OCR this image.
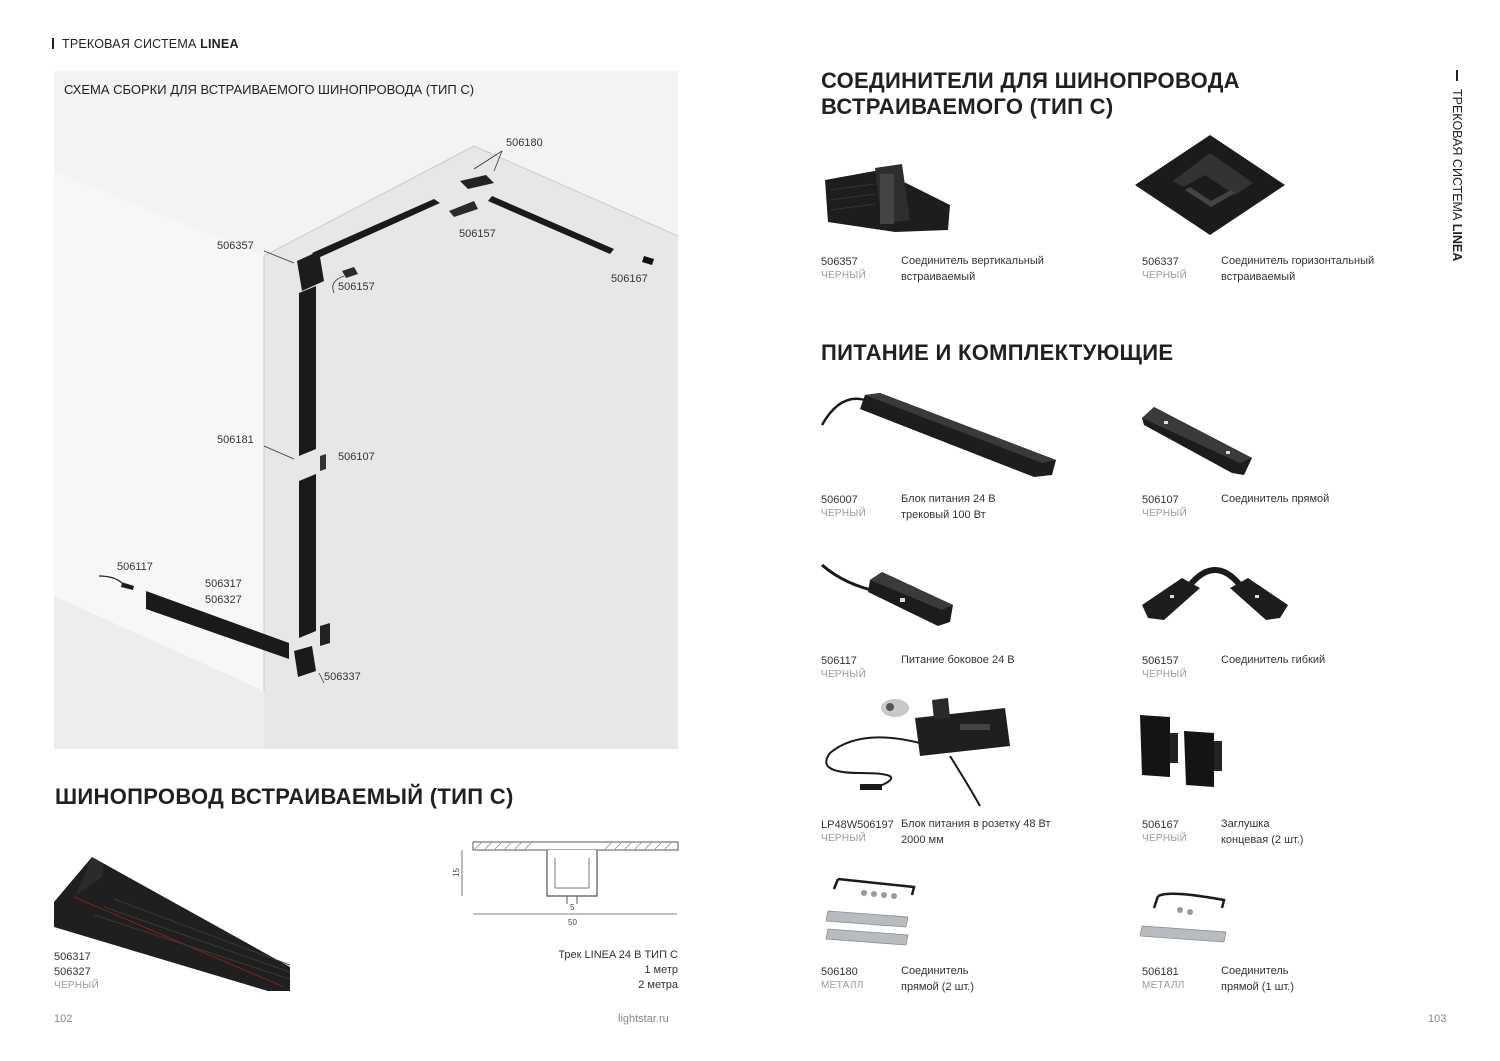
ТРЕКОВАЯ СИСТЕМА LINEA
СХЕМА СБОРКИ ДЛЯ ВСТРАИВАЕМОГО ШИНОПРОВОДА (ТИП С)
506180
506157
506357
506157
506167
506181
506107
506117
506317
506327
506337
ШИНОПРОВОД ВСТРАИВАЕМЫЙ (ТИП С)
506317
506327
ЧЕРНЫЙ
15
5
50
Трек LINEA 24 В ТИП С
1 метр
2 метра
102	lightstar.ru
ТРЕКОВАЯ СИСТЕМА LINEA
СОЕДИНИТЕЛИ ДЛЯ ШИНОПРОВОДА
ВСТРАИВАЕМОГО (ТИП С)
ПИТАНИЕ И КОМПЛЕКТУЮЩИЕ
506357
ЧЕРНЫЙ
Соединитель вертикальный
встраиваемый
506337
ЧЕРНЫЙ
Соединитель горизонтальный
встраиваемый
506007
ЧЕРНЫЙ
Блок питания 24 В
трековый 100 Вт
506107
ЧЕРНЫЙ
Соединитель прямой
506117
ЧЕРНЫЙ
Питание боковое 24 В	506157
ЧЕРНЫЙ
Соединитель гибкий
LP48W506197
ЧЕРНЫЙ
Блок питания в розетку 48 Вт
2000 мм
506167
ЧЕРНЫЙ
Заглушка
концевая (2 шт.)
506180
МЕТАЛЛ
Соединитель
прямой (2 шт.)
506181
МЕТАЛЛ
Соединитель
прямой (1 шт.)
103
